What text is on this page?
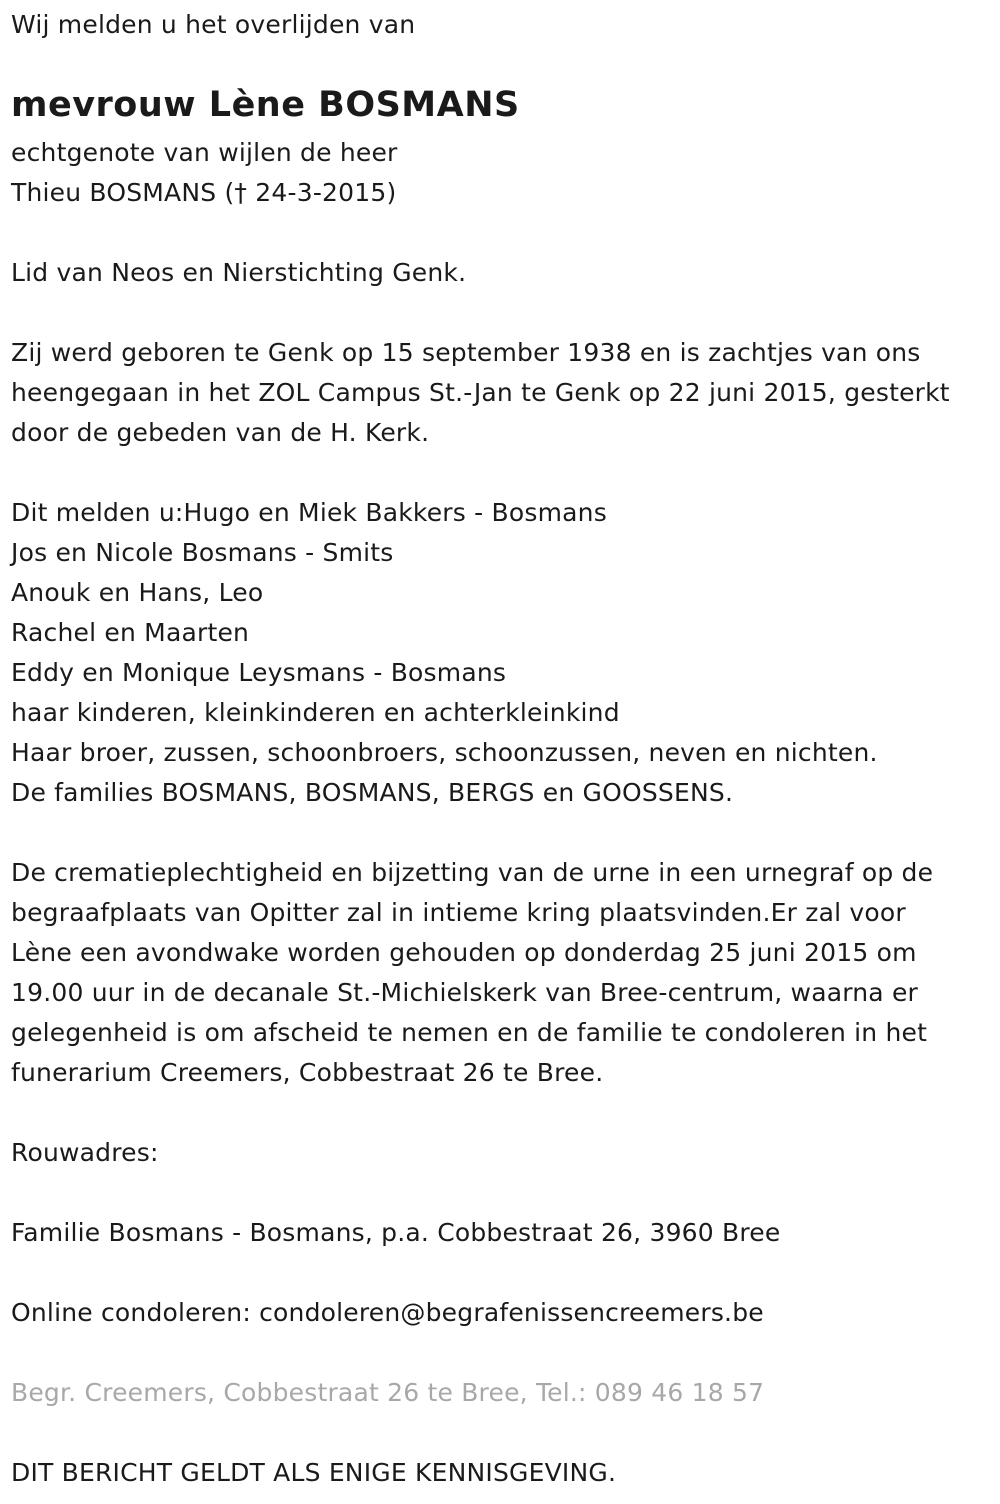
Wij melden u het overlijden van
mevrouw Lène BOSMANS
echtgenote van wijlen de heer
Thieu BOSMANS († 24-3-2015)
Lid van Neos en Nierstichting Genk.
Zij werd geboren te Genk op 15 september 1938 en is zachtjes van ons
heengegaan in het ZOL Campus St.-Jan te Genk op 22 juni 2015, gesterkt
door de gebeden van de H. Kerk.
Dit melden u:Hugo en Miek Bakkers - Bosmans
Jos en Nicole Bosmans - Smits
Anouk en Hans, Leo
Rachel en Maarten
Eddy en Monique Leysmans - Bosmans
haar kinderen, kleinkinderen en achterkleinkind
Haar broer, zussen, schoonbroers, schoonzussen, neven en nichten.
De families BOSMANS, BOSMANS, BERGS en GOOSSENS.
De crematieplechtigheid en bijzetting van de urne in een urnegraf op de
begraafplaats van Opitter zal in intieme kring plaatsvinden.Er zal voor
Lène een avondwake worden gehouden op donderdag 25 juni 2015 om
19.00 uur in de decanale St.-Michielskerk van Bree-centrum, waarna er
gelegenheid is om afscheid te nemen en de familie te condoleren in het
funerarium Creemers, Cobbestraat 26 te Bree.
Rouwadres:
Familie Bosmans - Bosmans, p.a. Cobbestraat 26, 3960 Bree
Online condoleren: condoleren@begrafenissencreemers.be
Begr. Creemers, Cobbestraat 26 te Bree, Tel.: 089 46 18 57
DIT BERICHT GELDT ALS ENIGE KENNISGEVING.
